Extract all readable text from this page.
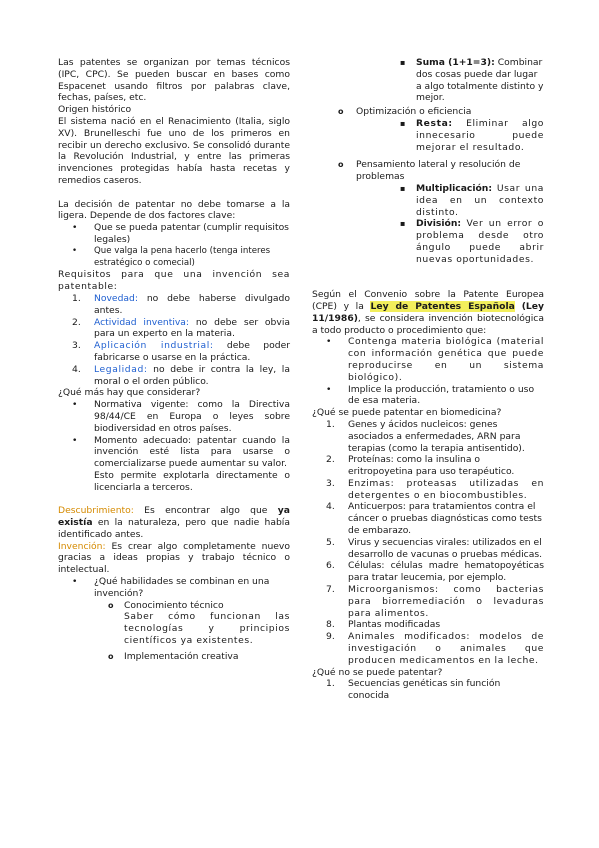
Las patentes se organizan por temas técnicos (IPC, CPC). Se pueden buscar en bases como Espacenet usando filtros por palabras clave, fechas, países, etc.

Origen histórico

El sistema nació en el Renacimiento (Italia, siglo XV). Brunelleschi fue uno de los primeros en recibir un derecho exclusivo. Se consolidó durante la Revolución Industrial, y entre las primeras invenciones protegidas había hasta recetas y remedios caseros.

La decisión de patentar no debe tomarse a la ligera. Depende de dos factores clave:

• Que se pueda patentar (cumplir requisitos legales)
• Que valga la pena hacerlo (tenga interes estratégico o comecial)

Requisitos para que una invención sea patentable:

1. Novedad: no debe haberse divulgado antes.
2. Actividad inventiva: no debe ser obvia para un experto en la materia.
3. Aplicación industrial: debe poder fabricarse o usarse en la práctica.
4. Legalidad: no debe ir contra la ley, la moral o el orden público.

¿Qué más hay que considerar?

• Normativa vigente: como la Directiva 98/44/CE en Europa o leyes sobre biodiversidad en otros países.
• Momento adecuado: patentar cuando la invención esté lista para usarse o comercializarse puede aumentar su valor.
Esto permite explotarla directamente o licenciarla a terceros.

Descubrimiento: Es encontrar algo que ya existía en la naturaleza, pero que nadie había identificado antes.

Invención: Es crear algo completamente nuevo gracias a ideas propias y trabajo técnico o intelectual.

• ¿Qué habilidades se combinan en una invención?
o Conocimiento técnico
Saber cómo funcionan las tecnologías y principios científicos ya existentes.
o Implementación creativa
▪ Suma (1+1=3): Combinar dos cosas puede dar lugar a algo totalmente distinto y mejor.
o Optimización o eficiencia
▪ Resta: Eliminar algo innecesario puede mejorar el resultado.
o Pensamiento lateral y resolución de problemas
▪ Multiplicación: Usar una idea en un contexto distinto.
▪ División: Ver un error o problema desde otro ángulo puede abrir nuevas oportunidades.

Según el Convenio sobre la Patente Europea (CPE) y la Ley de Patentes Española (Ley 11/1986), se considera invención biotecnológica a todo producto o procedimiento que:

• Contenga materia biológica (material con información genética que puede reproducirse en un sistema biológico).
• Implice la producción, tratamiento o uso de esa materia.

¿Qué se puede patentar en biomedicina?

1. Genes y ácidos nucleicos: genes asociados a enfermedades, ARN para terapias (como la terapia antisentido).
2. Proteínas: como la insulina o eritropoyetina para uso terapéutico.
3. Enzimas: proteasas utilizadas en detergentes o en biocombustibles.
4. Anticuerpos: para tratamientos contra el cáncer o pruebas diagnósticas como tests de embarazo.
5. Virus y secuencias virales: utilizados en el desarrollo de vacunas o pruebas médicas.
6. Células: células madre hematopoyéticas para tratar leucemia, por ejemplo.
7. Microorganismos: como bacterias para biorremediación o levaduras para alimentos.
8. Plantas modificadas
9. Animales modificados: modelos de investigación o animales que producen medicamentos en la leche.

¿Qué no se puede patentar?

1. Secuencias genéticas sin función conocida
